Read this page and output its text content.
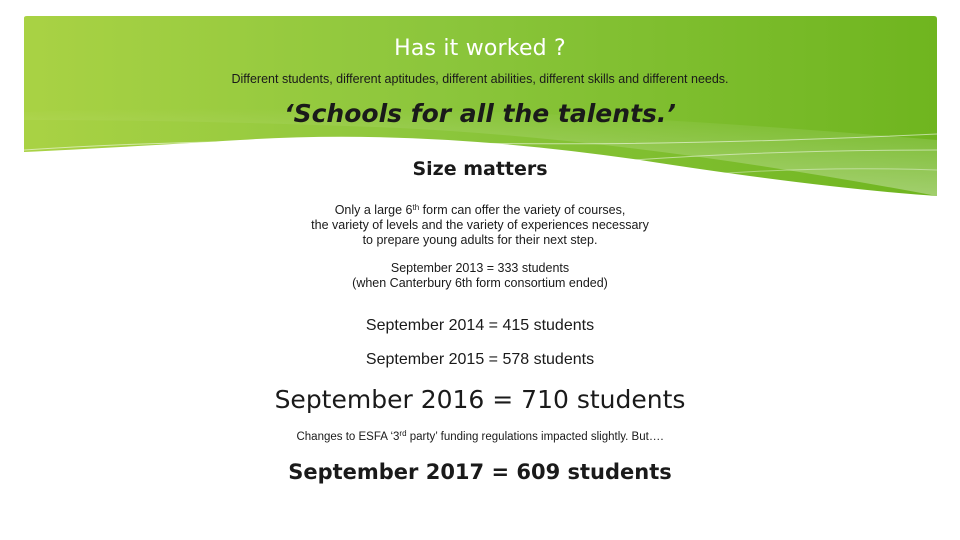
Has it worked ?

Different students, different aptitudes, different abilities, different skills and different needs.

‘Schools for all the talents.’

Size matters

Only a large 6th form can offer the variety of courses,
the variety of levels and the variety of experiences necessary
to prepare young adults for their next step.
September 2013 = 333 students
(when Canterbury 6th form consortium ended)

September 2014 = 415 students

September 2015 = 578 students

September 2016 = 710 students

Changes to ESFA ‘3rd party’ funding regulations impacted slightly. But….

September 2017 = 609 students
